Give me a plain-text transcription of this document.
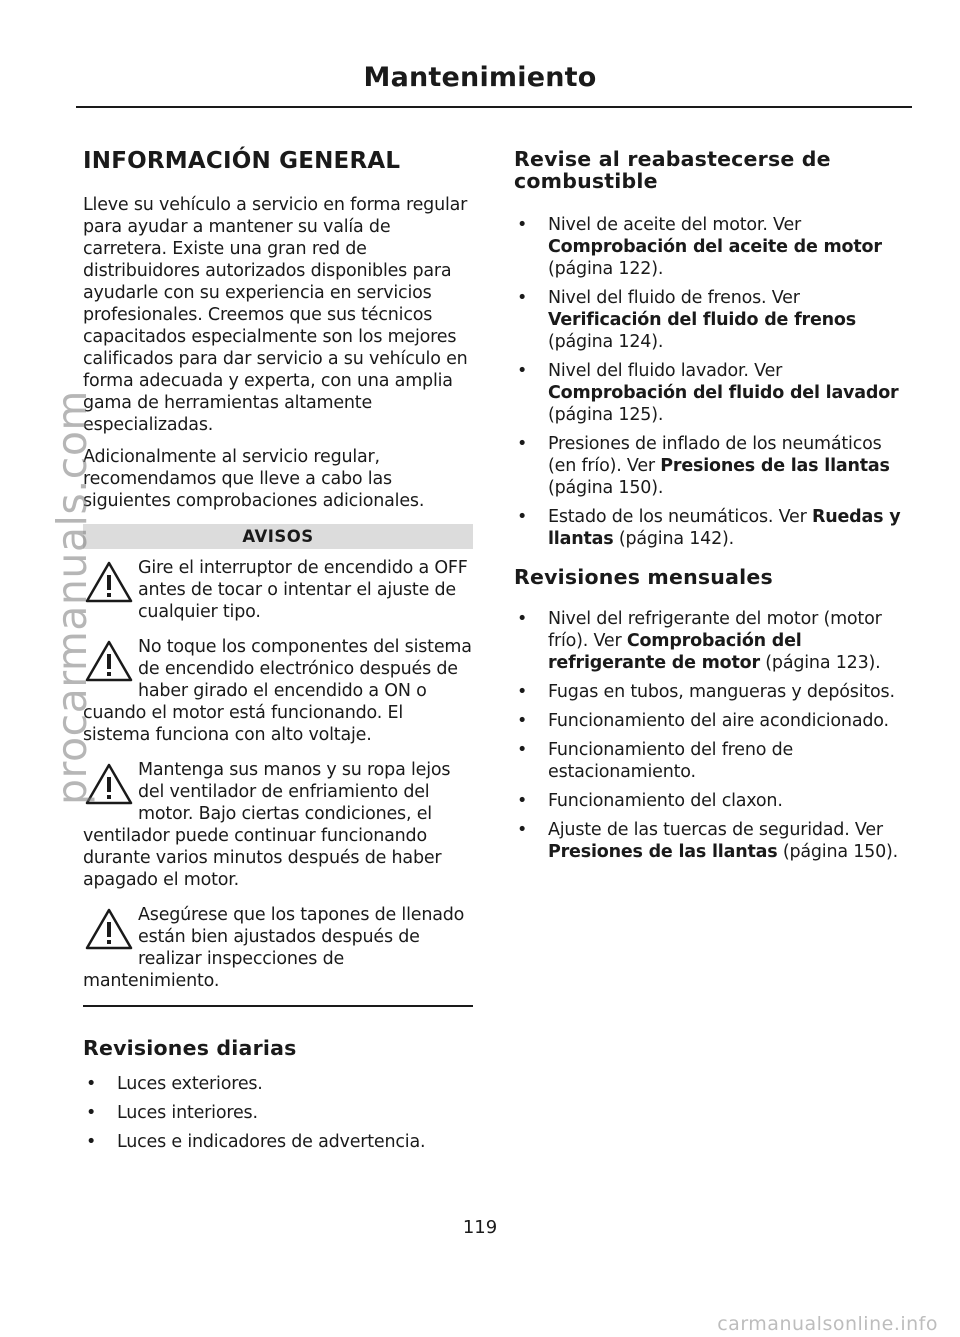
Mantenimiento
INFORMACIÓN GENERAL

Lleve su vehículo a servicio en forma regular para ayudar a mantener su valía de carretera. Existe una gran red de distribuidores autorizados disponibles para ayudarle con su experiencia en servicios profesionales. Creemos que sus técnicos capacitados especialmente son los mejores calificados para dar servicio a su vehículo en forma adecuada y experta, con una amplia gama de herramientas altamente especializadas.

Adicionalmente al servicio regular, recomendamos que lleve a cabo las siguientes comprobaciones adicionales.

AVISOS
Gire el interruptor de encendido a OFF antes de tocar o intentar el ajuste de cualquier tipo.
No toque los componentes del sistema de encendido electrónico después de haber girado el encendido a ON o cuando el motor está funcionando. El sistema funciona con alto voltaje.
Mantenga sus manos y su ropa lejos del ventilador de enfriamiento del motor. Bajo ciertas condiciones, el ventilador puede continuar funcionando durante varios minutos después de haber apagado el motor.
Asegúrese que los tapones de llenado están bien ajustados después de realizar inspecciones de mantenimiento.
Revisiones diarias
• Luces exteriores.
• Luces interiores.
• Luces e indicadores de advertencia.
Revise al reabastecerse de combustible
• Nivel de aceite del motor. Ver Comprobación del aceite de motor (página 122).
• Nivel del fluido de frenos. Ver Verificación del fluido de frenos (página 124).
• Nivel del fluido lavador. Ver Comprobación del fluido del lavador (página 125).
• Presiones de inflado de los neumáticos (en frío). Ver Presiones de las llantas (página 150).
• Estado de los neumáticos. Ver Ruedas y llantas (página 142).
Revisiones mensuales
• Nivel del refrigerante del motor (motor frío). Ver Comprobación del refrigerante de motor (página 123).
• Fugas en tubos, mangueras y depósitos.
• Funcionamiento del aire acondicionado.
• Funcionamiento del freno de estacionamiento.
• Funcionamiento del claxon.
• Ajuste de las tuercas de seguridad. Ver Presiones de las llantas (página 150).
119
procarmanuals.com
carmanualsonline.info
